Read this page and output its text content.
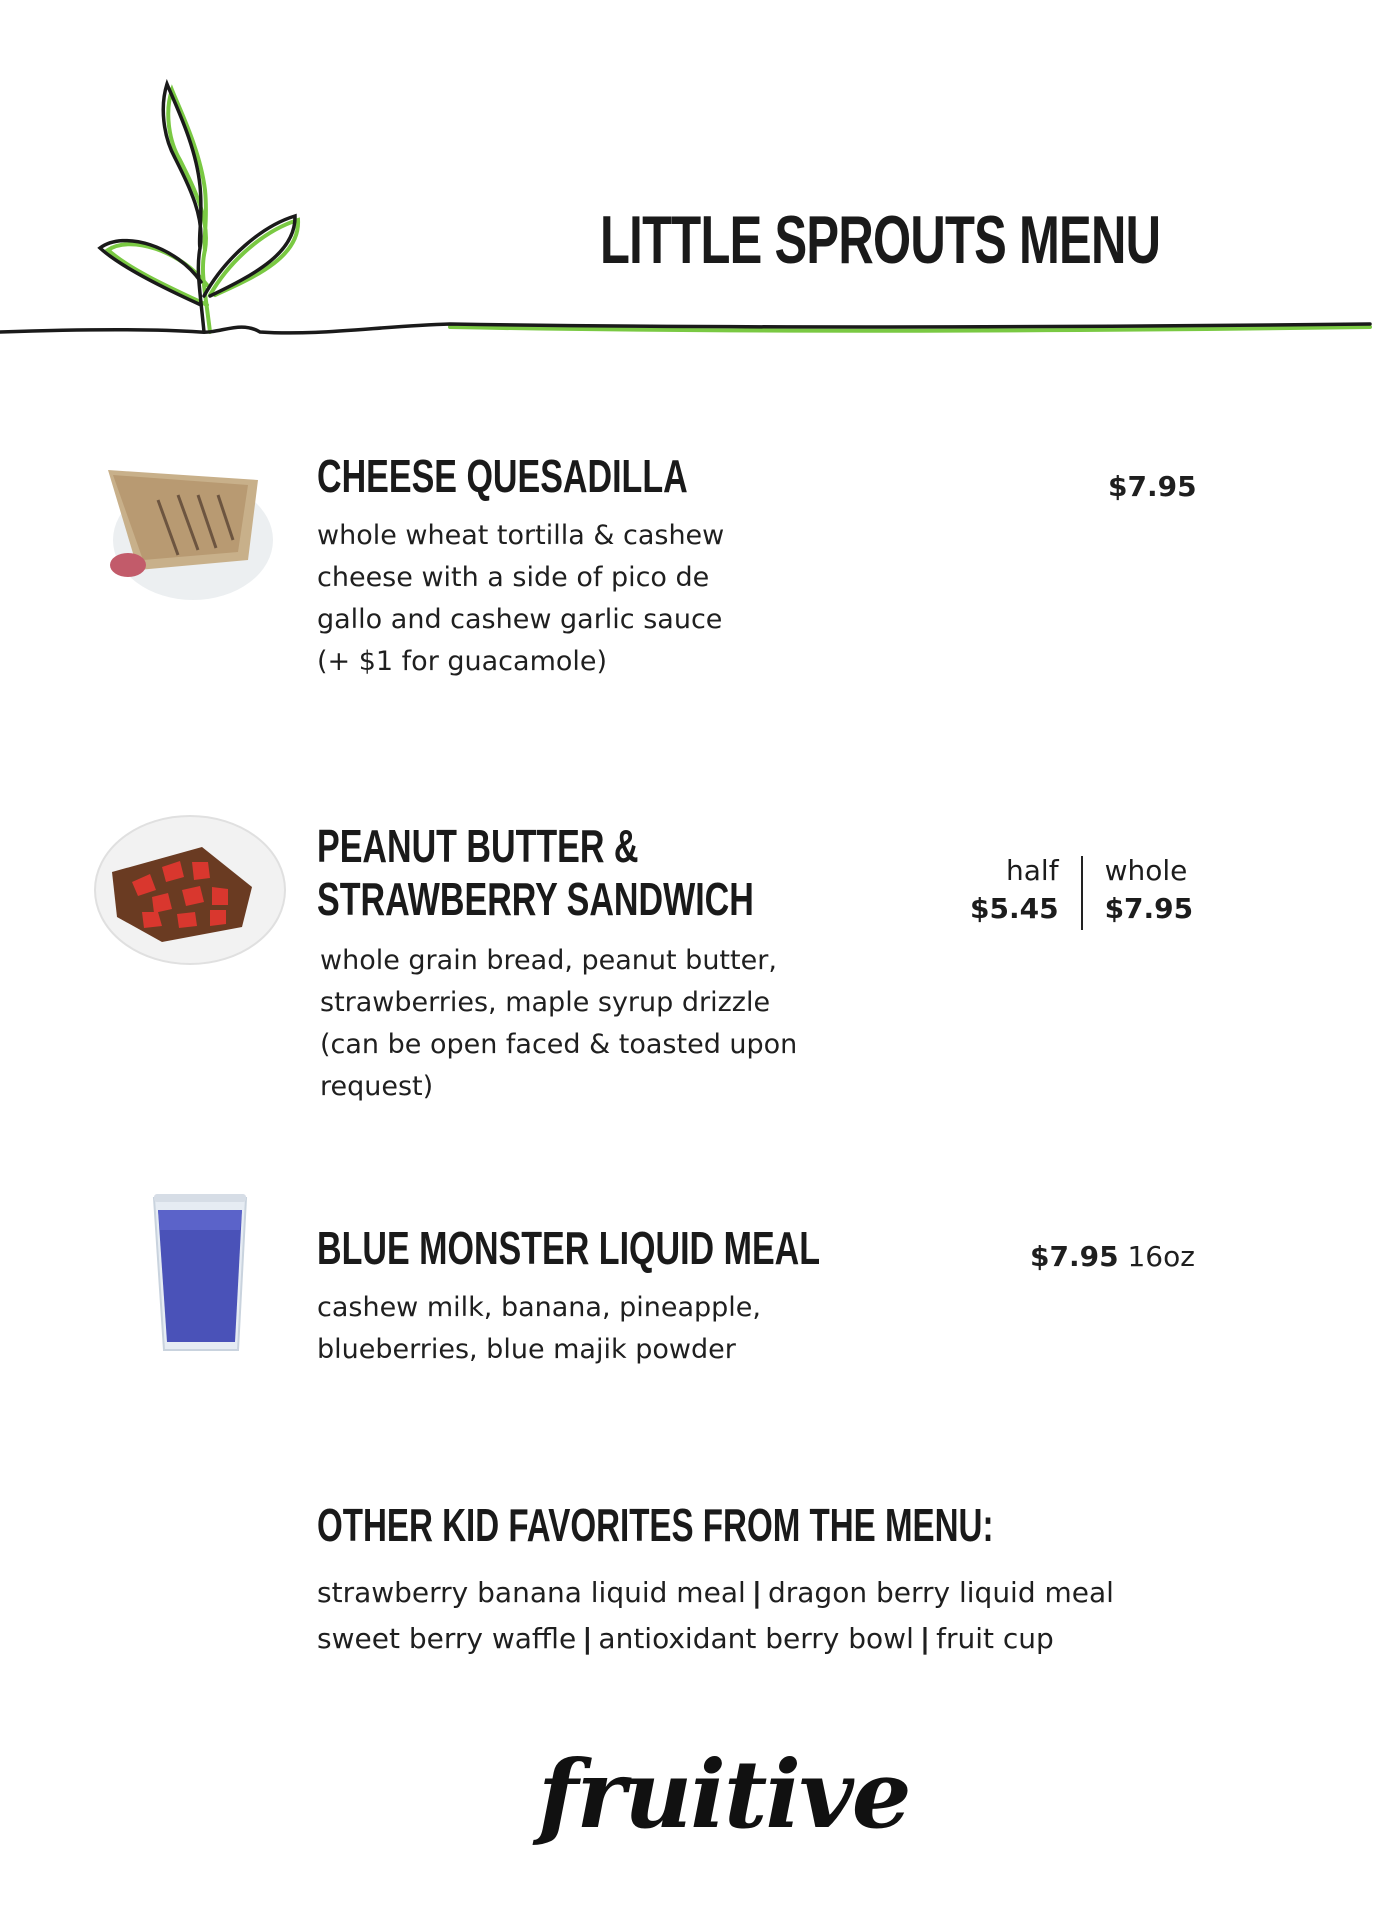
LITTLE SPROUTS MENU
CHEESE QUESADILLA
whole wheat tortilla & cashew
cheese with a side of pico de
gallo and cashew garlic sauce
(+ $1 for guacamole)
$7.95
PEANUT BUTTER &
STRAWBERRY SANDWICH
whole grain bread, peanut butter,
strawberries, maple syrup drizzle
(can be open faced & toasted upon
request)
half
$5.45
whole
$7.95
BLUE MONSTER LIQUID MEAL
cashew milk, banana, pineapple,
blueberries, blue majik powder
$7.95 16oz
OTHER KID FAVORITES FROM THE MENU:
strawberry banana liquid meal | dragon berry liquid meal
sweet berry waffle | antioxidant berry bowl | fruit cup
fruitive
